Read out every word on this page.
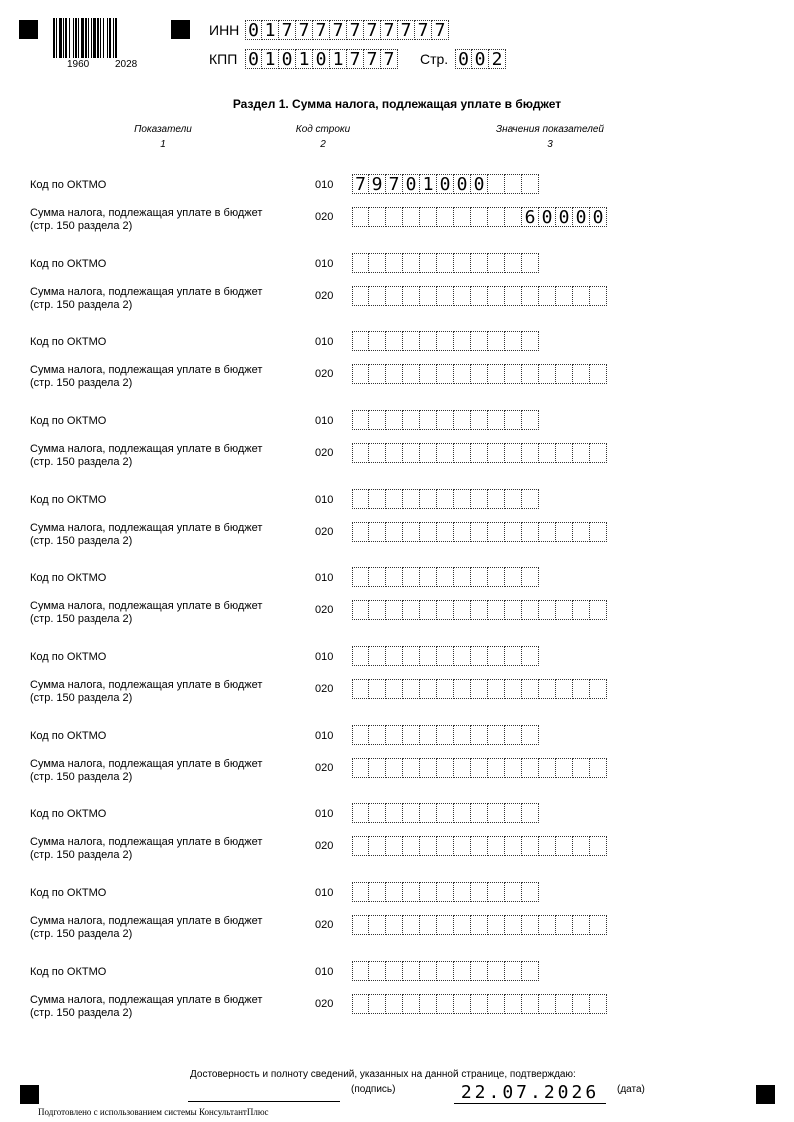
1960	2028
ИНН 0 1 7 7 7 7 7 7 7 7 7 7
КПП 0 1 0 1 0 1 7 7 7 Стр. 0 0 2
Раздел 1. Сумма налога, подлежащая уплате в бюджет
Показатели
1
Код строки
2
Значения показателей
3
Код по ОКТМО	010 7 9 7 0 1 0 0 0
Сумма налога, подлежащая уплате в бюджет
(стр. 150 раздела 2)
020	6 0 0 0 0
Код по ОКТМО	010
Сумма налога, подлежащая уплате в бюджет
(стр. 150 раздела 2)
020
Код по ОКТМО	010
Сумма налога, подлежащая уплате в бюджет
(стр. 150 раздела 2)
020
Код по ОКТМО	010
Сумма налога, подлежащая уплате в бюджет
(стр. 150 раздела 2)
020
Код по ОКТМО	010
Сумма налога, подлежащая уплате в бюджет
(стр. 150 раздела 2)
020
Код по ОКТМО	010
Сумма налога, подлежащая уплате в бюджет
(стр. 150 раздела 2)
020
Код по ОКТМО	010
Сумма налога, подлежащая уплате в бюджет
(стр. 150 раздела 2)
020
Код по ОКТМО	010
Сумма налога, подлежащая уплате в бюджет
(стр. 150 раздела 2)
020
Код по ОКТМО	010
Сумма налога, подлежащая уплате в бюджет
(стр. 150 раздела 2)
020
Код по ОКТМО	010
Сумма налога, подлежащая уплате в бюджет
(стр. 150 раздела 2)
020
Код по ОКТМО	010
Сумма налога, подлежащая уплате в бюджет
(стр. 150 раздела 2)
020
Достоверность и полноту сведений, указанных на данной странице, подтверждаю:
(подпись)	22.07.2026	(дата)
Подготовлено с использованием системы КонсультантПлюс
